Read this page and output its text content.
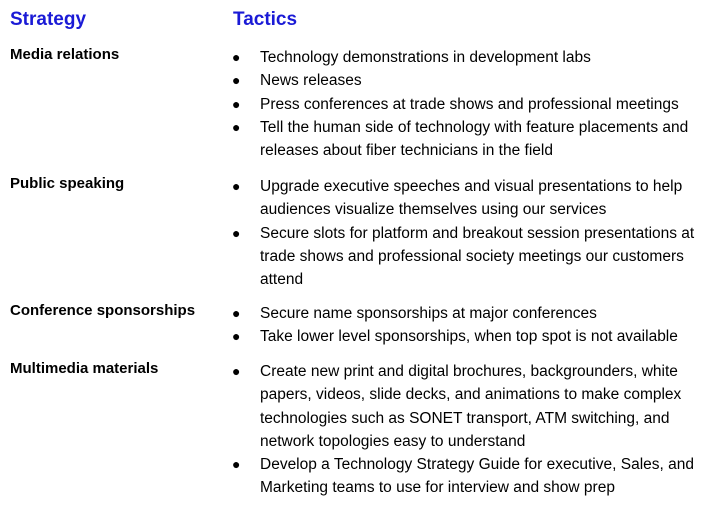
Strategy	Tactics
Media relations	● Technology demonstrations in development labs
● News releases
● Press conferences at trade shows and professional meetings
● Tell the human side of technology with feature placements and releases about fiber technicians in the field
Public speaking	● Upgrade executive speeches and visual presentations to help audiences visualize themselves using our services
● Secure slots for platform and breakout session presentations at trade shows and professional society meetings our customers attend
Conference sponsorships	● Secure name sponsorships at major conferences
● Take lower level sponsorships, when top spot is not available
Multimedia materials	● Create new print and digital brochures, backgrounders, white papers, videos, slide decks, and animations to make complex technologies such as SONET transport, ATM switching, and network topologies easy to understand
● Develop a Technology Strategy Guide for executive, Sales, and Marketing teams to use for interview and show prep
